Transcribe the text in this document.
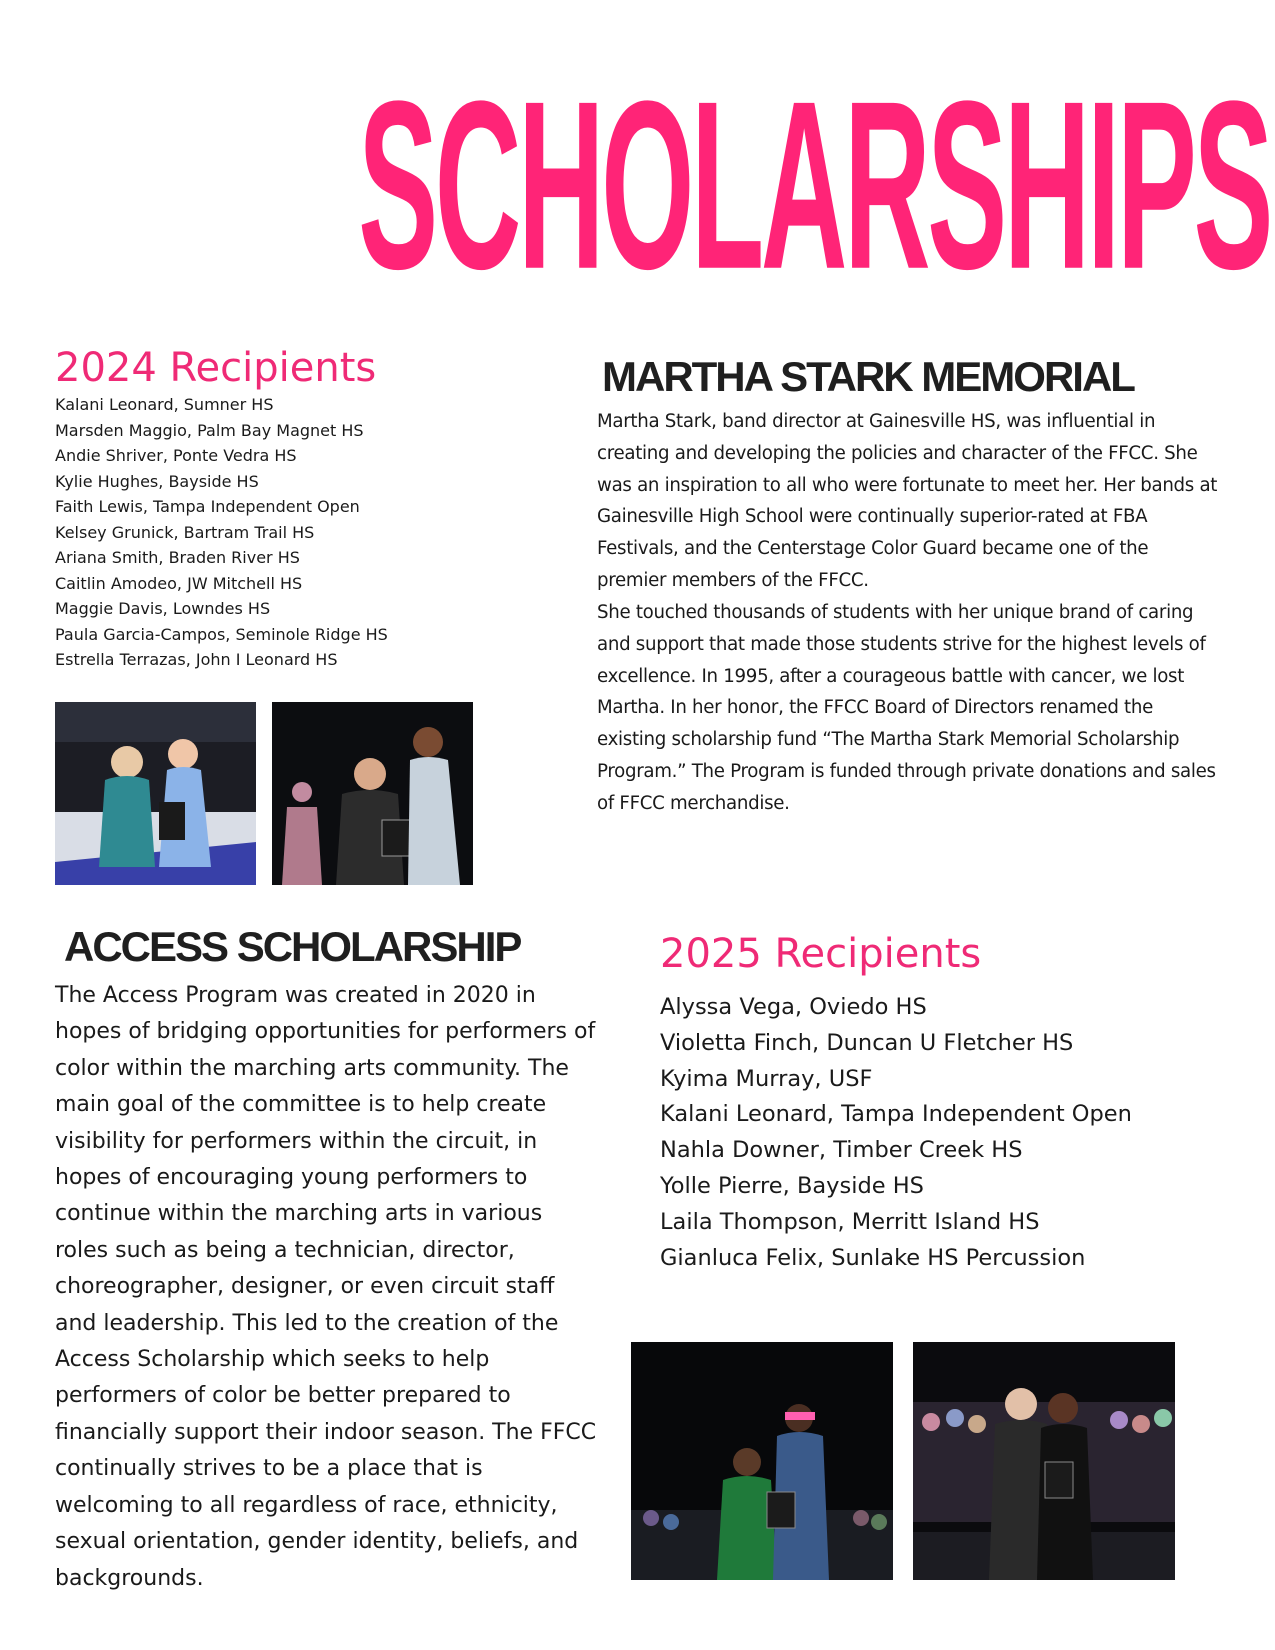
SCHOLARSHIPS
2024 Recipients
Kalani Leonard, Sumner HS
Marsden Maggio, Palm Bay Magnet HS
Andie Shriver, Ponte Vedra HS
Kylie Hughes, Bayside HS
Faith Lewis, Tampa Independent Open
Kelsey Grunick, Bartram Trail HS
Ariana Smith, Braden River HS
Caitlin Amodeo, JW Mitchell HS
Maggie Davis, Lowndes HS
Paula Garcia-Campos, Seminole Ridge HS
Estrella Terrazas, John I Leonard HS
MARTHA STARK MEMORIAL

Martha Stark, band director at Gainesville HS, was influential in creating and developing the policies and character of the FFCC. She was an inspiration to all who were fortunate to meet her. Her bands at Gainesville High School were continually superior-rated at FBA Festivals, and the Centerstage Color Guard became one of the premier members of the FFCC.

She touched thousands of students with her unique brand of caring and support that made those students strive for the highest levels of excellence. In 1995, after a courageous battle with cancer, we lost Martha. In her honor, the FFCC Board of Directors renamed the existing scholarship fund “The Martha Stark Memorial Scholarship Program.” The Program is funded through private donations and sales of FFCC merchandise.

ACCESS SCHOLARSHIP

The Access Program was created in 2020 in hopes of bridging opportunities for performers of color within the marching arts community. The main goal of the committee is to help create visibility for performers within the circuit, in hopes of encouraging young performers to continue within the marching arts in various roles such as being a technician, director, choreographer, designer, or even circuit staff and leadership. This led to the creation of the Access Scholarship which seeks to help performers of color be better prepared to financially support their indoor season. The FFCC continually strives to be a place that is welcoming to all regardless of race, ethnicity, sexual orientation, gender identity, beliefs, and backgrounds.

2025 Recipients
Alyssa Vega, Oviedo HS
Violetta Finch, Duncan U Fletcher HS
Kyima Murray, USF
Kalani Leonard, Tampa Independent Open
Nahla Downer, Timber Creek HS
Yolle Pierre, Bayside HS
Laila Thompson, Merritt Island HS
Gianluca Felix, Sunlake HS Percussion
